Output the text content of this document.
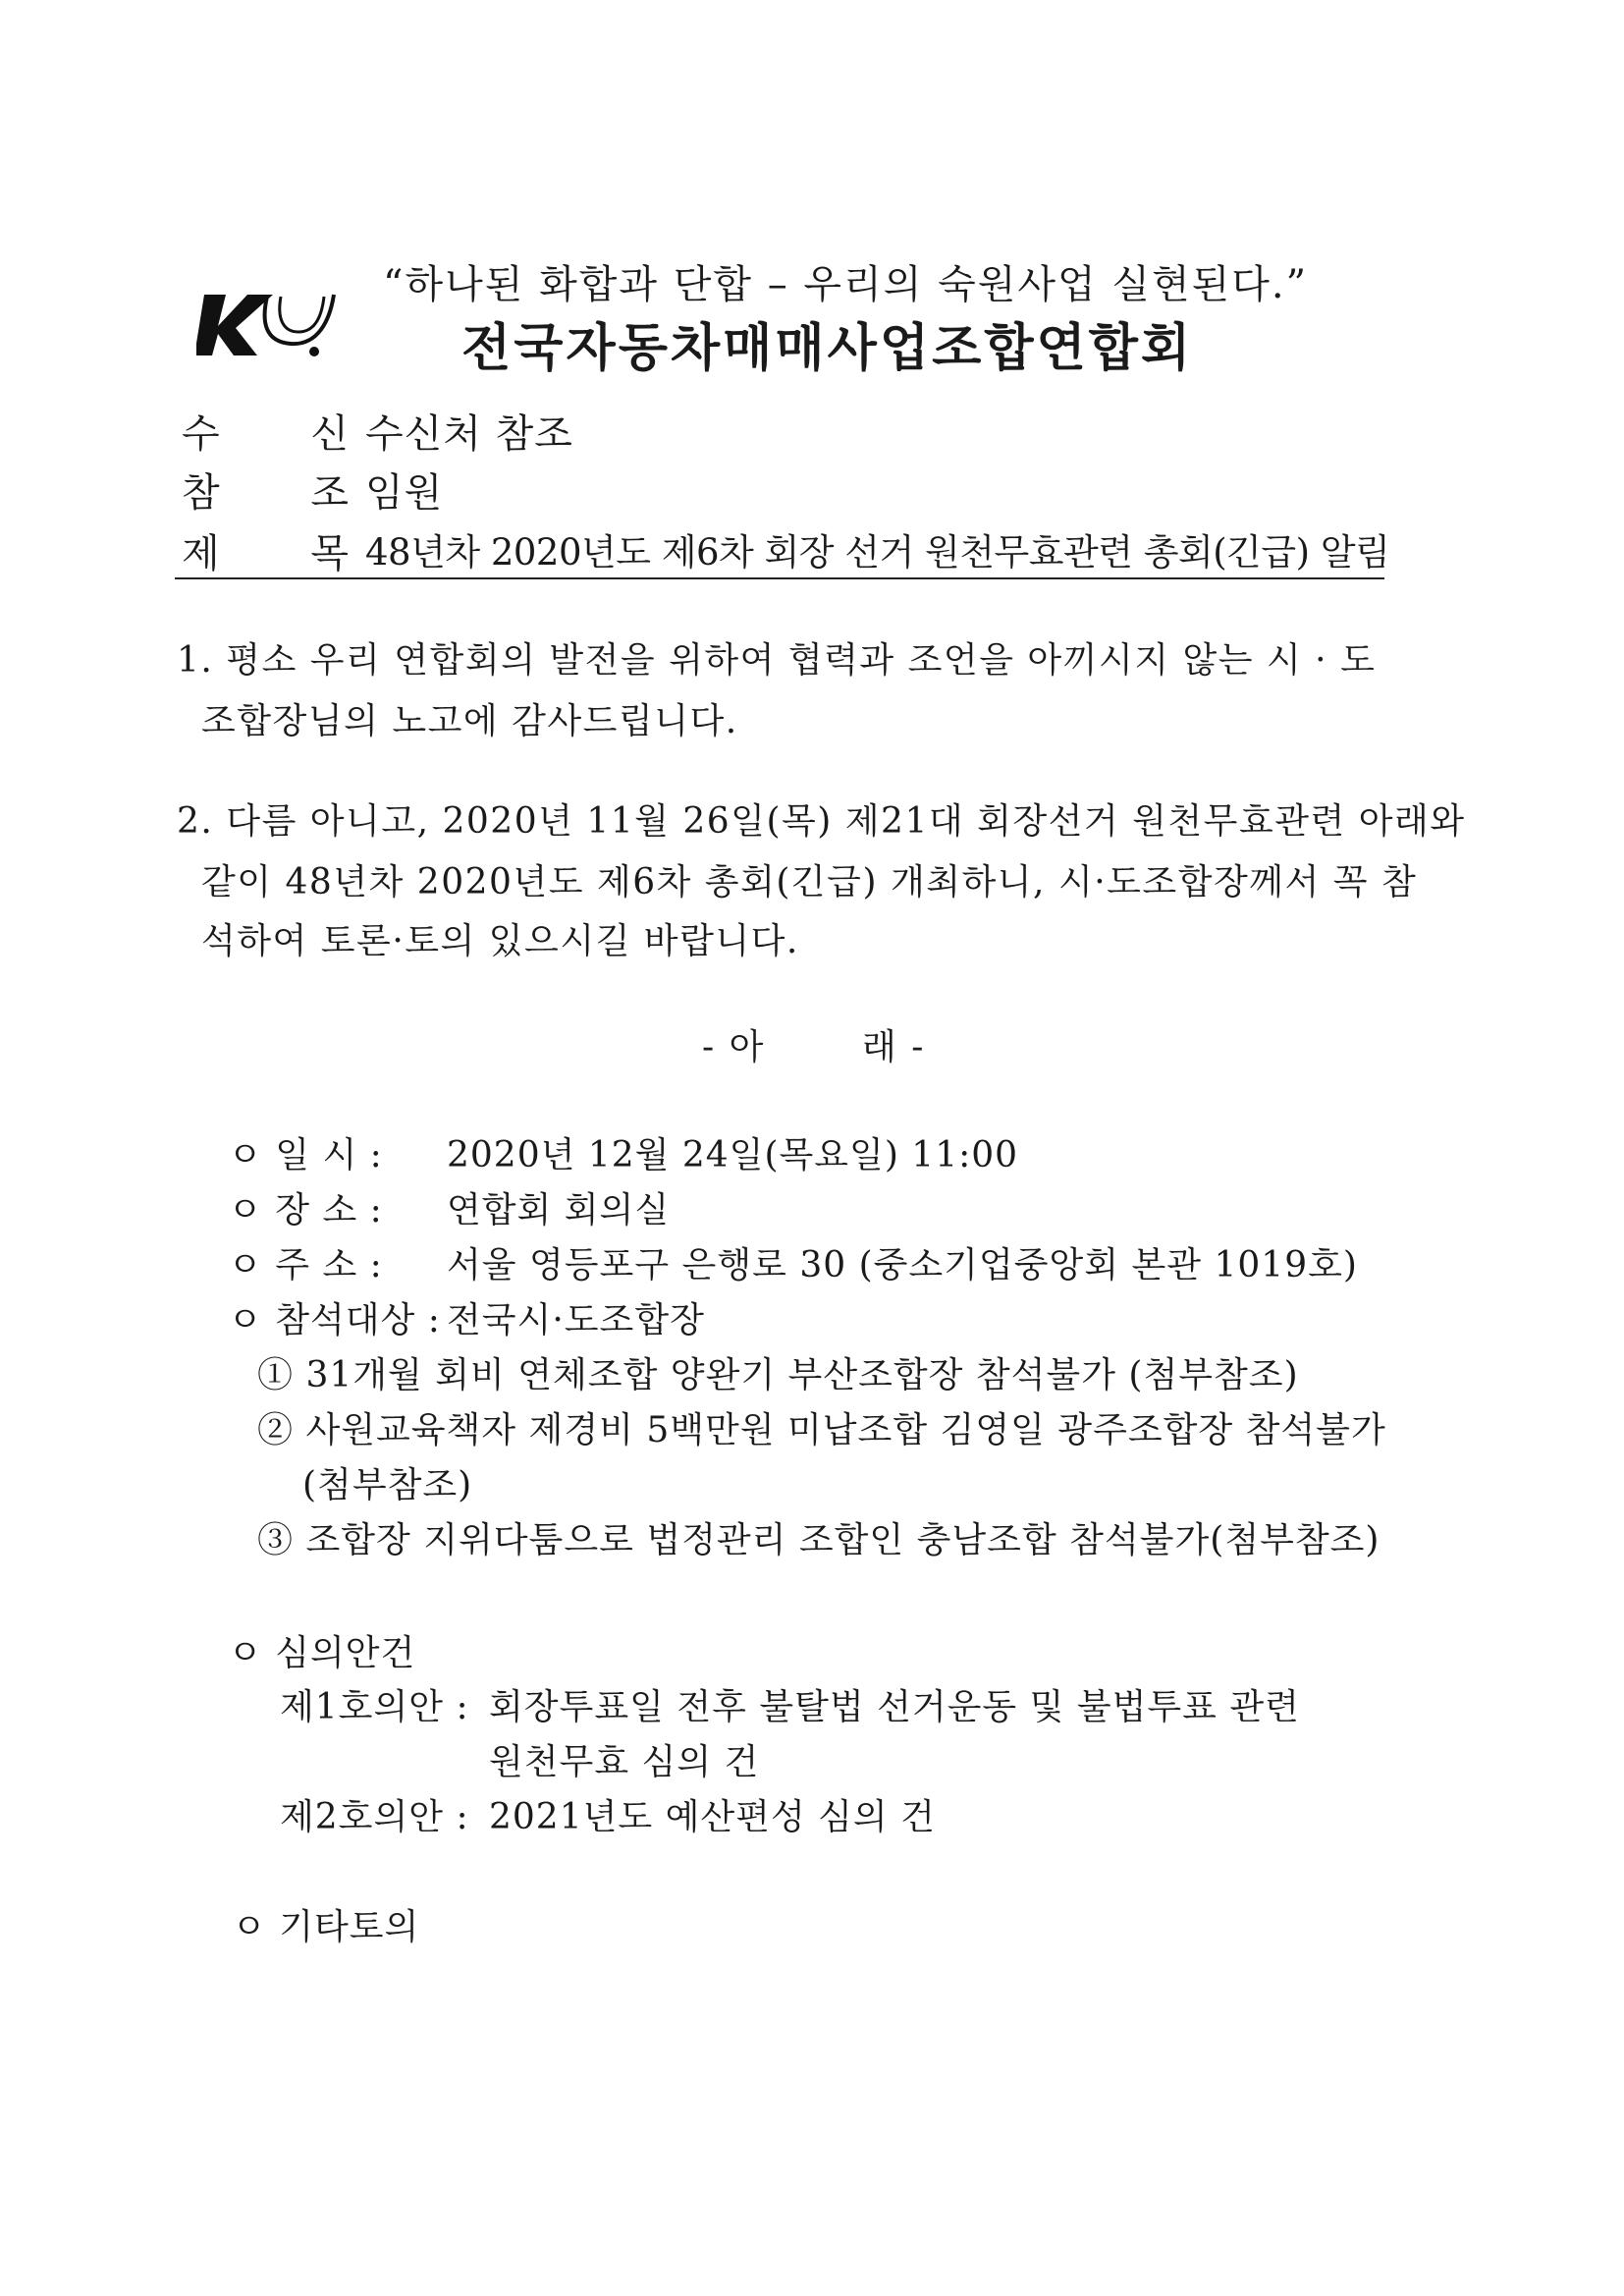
“하나된 화합과 단합 – 우리의 숙원사업 실현된다.”
전국자동차매매사업조합연합회
수 신
수신처 참조
참 조
임원
제 목
48년차 2020년도 제6차 회장 선거 원천무효관련 총회(긴급) 알림
1. 평소 우리 연합회의 발전을 위하여 협력과 조언을 아끼시지 않는 시 · 도
조합장님의 노고에 감사드립니다.
2. 다름 아니고, 2020년 11월 26일(목) 제21대 회장선거 원천무효관련 아래와
같이 48년차 2020년도 제6차 총회(긴급) 개최하니, 시·도조합장께서 꼭 참
석하여 토론·토의 있으시길 바랍니다.
- 아	래 -
ㅇ 일 시 : 2020년 12월 24일(목요일) 11:00
ㅇ 장 소 : 연합회 회의실
ㅇ 주 소 : 서울 영등포구 은행로 30 (중소기업중앙회 본관 1019호)
ㅇ 참석대상 : 전국시·도조합장
① 31개월 회비 연체조합 양완기 부산조합장 참석불가 (첨부참조)
② 사원교육책자 제경비 5백만원 미납조합 김영일 광주조합장 참석불가
(첨부참조)
③ 조합장 지위다툼으로 법정관리 조합인 충남조합 참석불가(첨부참조)
ㅇ 심의안건
제1호의안 : 회장투표일 전후 불탈법 선거운동 및 불법투표 관련
원천무효 심의 건
제2호의안 : 2021년도 예산편성 심의 건
ㅇ 기타토의
